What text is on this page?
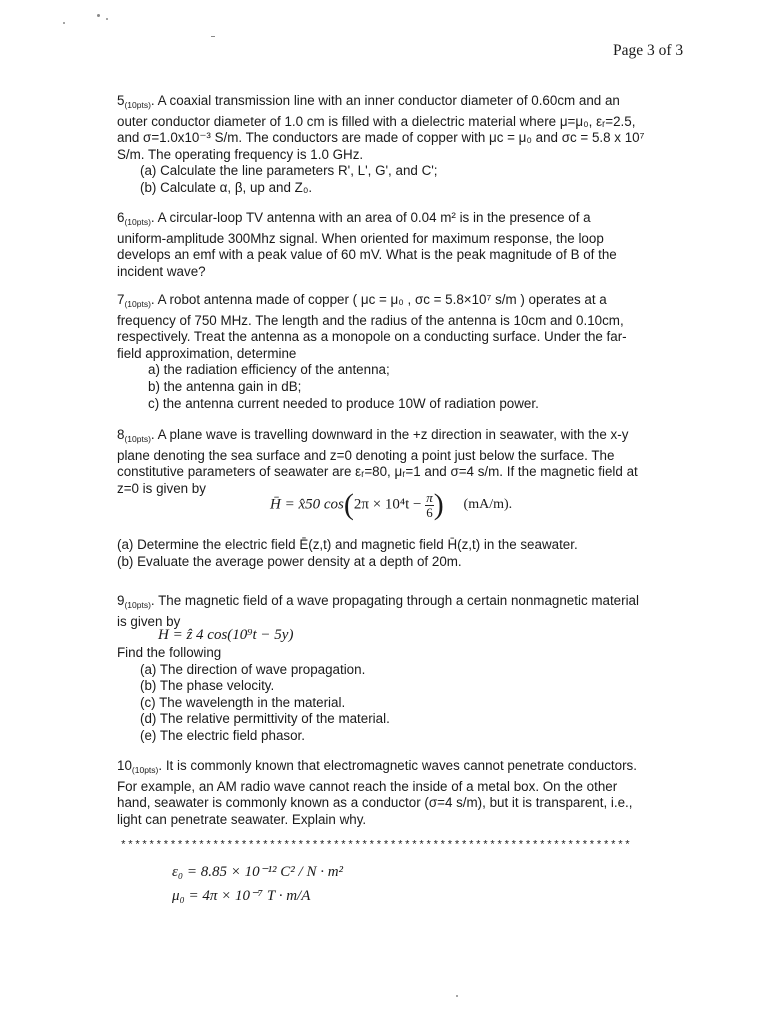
Page 3 of 3
$5_{(10pts)}$. A coaxial transmission line with an inner conductor diameter of 0.60cm and an
outer conductor diameter of 1.0 cm is filled with a dielectric material where μ=μ₀, εᵣ=2.5,
and σ=1.0x10⁻³ S/m. The conductors are made of copper with μc = μ₀ and σc = 5.8 x 10⁷
S/m. The operating frequency is 1.0 GHz.
(a) Calculate the line parameters R', L', G', and C';
(b) Calculate α, β, up and Z₀.
$6_{(10pts)}$. A circular-loop TV antenna with an area of 0.04 m² is in the presence of a
uniform-amplitude 300Mhz signal. When oriented for maximum response, the loop
develops an emf with a peak value of 60 mV. What is the peak magnitude of B of the
incident wave?
$7_{(10pts)}$. A robot antenna made of copper ( μc = μ₀ , σc = 5.8×10⁷ s/m ) operates at a
frequency of 750 MHz. The length and the radius of the antenna is 10cm and 0.10cm,
respectively. Treat the antenna as a monopole on a conducting surface. Under the far-
field approximation, determine
a) the radiation efficiency of the antenna;
b) the antenna gain in dB;
c) the antenna current needed to produce 10W of radiation power.
$8_{(10pts)}$. A plane wave is travelling downward in the +z direction in seawater, with the x-y
plane denoting the sea surface and z=0 denoting a point just below the surface. The
constitutive parameters of seawater are εᵣ=80, μᵣ=1 and σ=4 s/m. If the magnetic field at
z=0 is given by
H̄ = x̂50 $\cos(2\pi \times 10^4t - \frac{\pi}{6}$ ) (mA/m).
(a) Determine the electric field Ē(z,t) and magnetic field H̄(z,t) in the seawater.
(b) Evaluate the average power density at a depth of 20m.
$9_{(10pts)}$. The magnetic field of a wave propagating through a certain nonmagnetic material
is given by
H = ẑ 4 cos(10⁹t − 5y)
Find the following
(a) The direction of wave propagation.
(b) The phase velocity.
(c) The wavelength in the material.
(d) The relative permittivity of the material.
(e) The electric field phasor.
$10_{(10pts)}$. It is commonly known that electromagnetic waves cannot penetrate conductors.
For example, an AM radio wave cannot reach the inside of a metal box. On the other
hand, seawater is commonly known as a conductor (σ=4 s/m), but it is transparent, i.e.,
light can penetrate seawater. Explain why.
************************************************************************
ε₀ = 8.85 × 10⁻¹² C² / N · m²
μ₀ = 4π × 10⁻⁷ T · m/A
